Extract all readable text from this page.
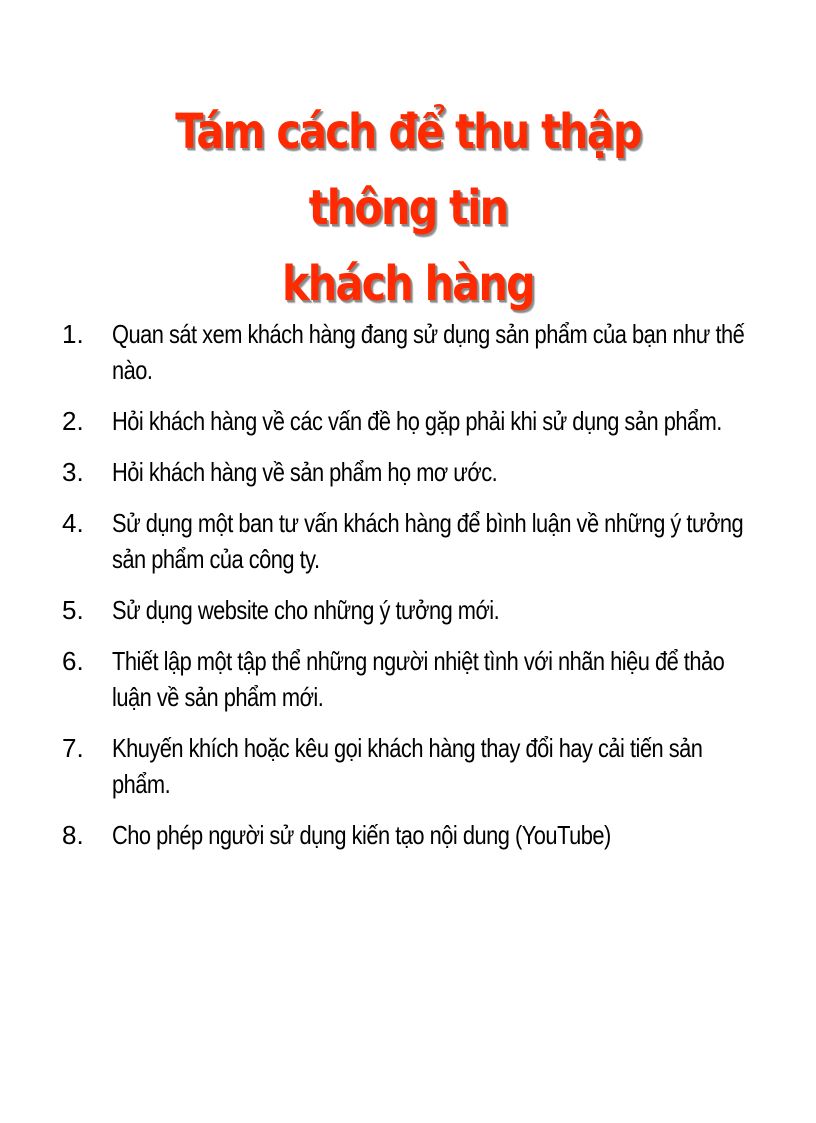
Tám cách để thu thập thông tin
khách hàng
1.	Quan sát xem khách hàng đang sử dụng sản phẩm của bạn như thế nào.
2.	Hỏi khách hàng về các vấn đề họ gặp phải khi sử dụng sản phẩm.
3.	Hỏi khách hàng về sản phẩm họ mơ ước.
4.	Sử dụng một ban tư vấn khách hàng để bình luận về những ý tưởng sản phẩm của công ty.
5.	Sử dụng website cho những ý tưởng mới.
6.	Thiết lập một tập thể những người nhiệt tình với nhãn hiệu để thảo luận về sản phẩm mới.
7.	Khuyến khích hoặc kêu gọi khách hàng thay đổi hay cải tiến sản phẩm.
8.	Cho phép người sử dụng kiến tạo nội dung (YouTube)
